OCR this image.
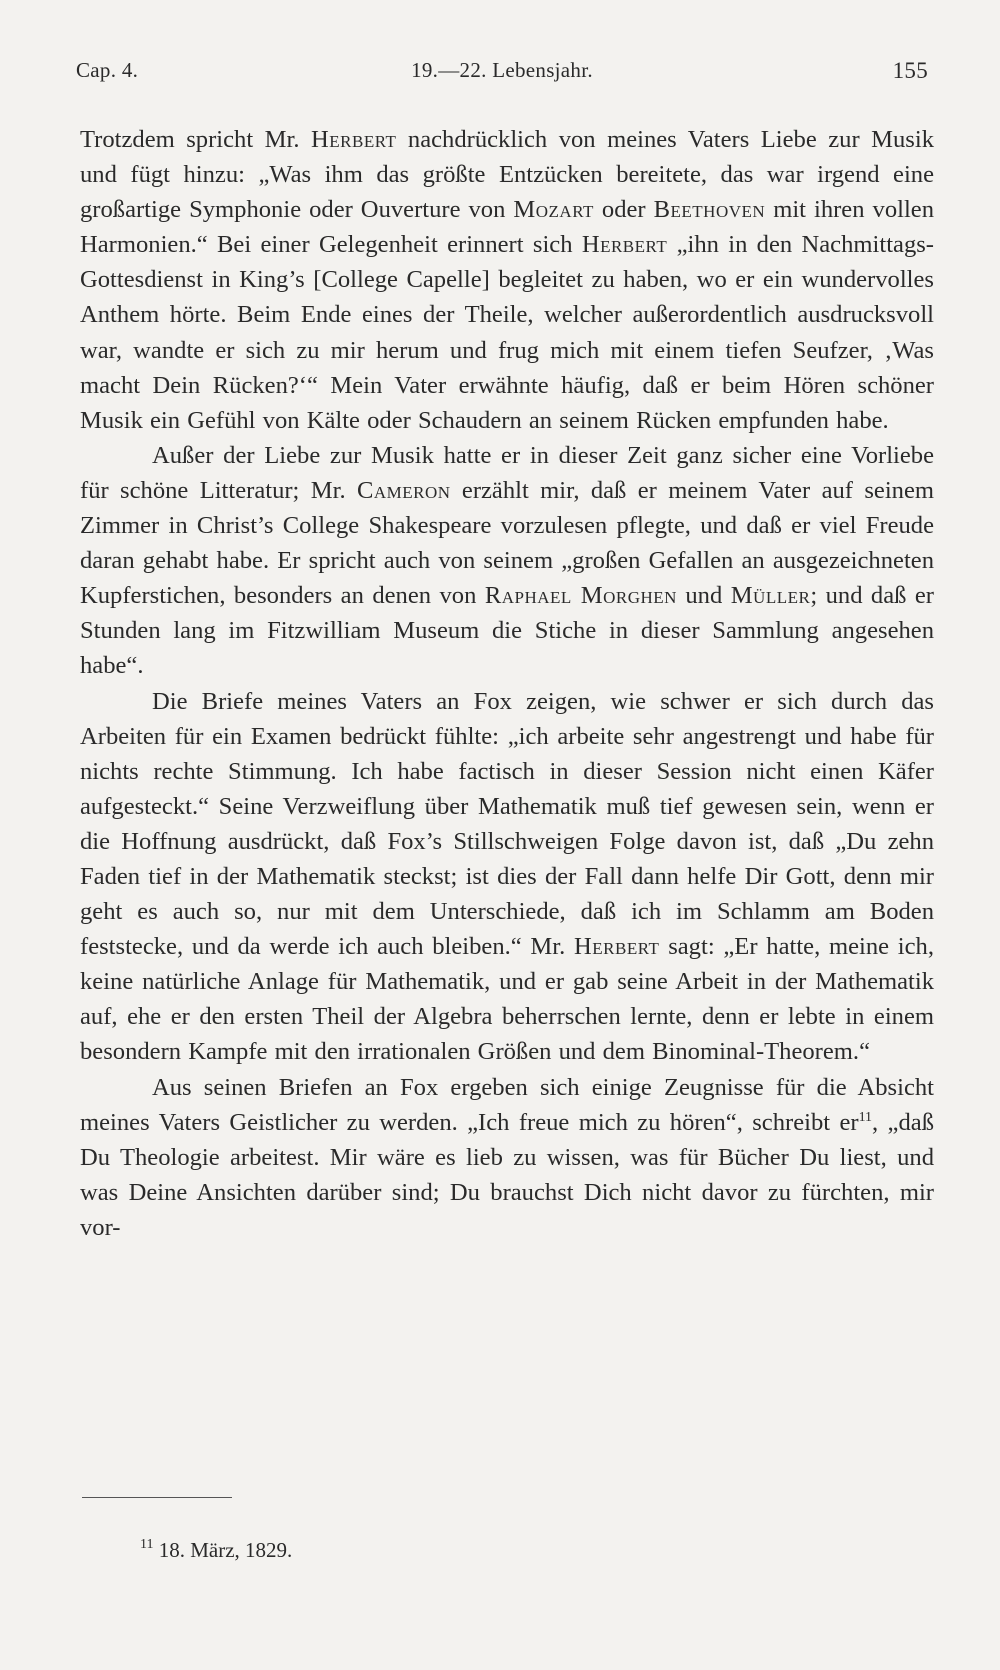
Cap. 4.	19.—22. Lebensjahr.	155

Trotzdem spricht Mr. Herbert nachdrücklich von meines Vaters Liebe zur Musik und fügt hinzu: „Was ihm das größte Entzücken bereitete, das war irgend eine großartige Symphonie oder Ouverture von Mozart oder Beethoven mit ihren vollen Harmonien.“ Bei einer Gelegenheit erinnert sich Herbert „ihn in den Nachmittags-Gottesdienst in King’s [College Capelle] begleitet zu haben, wo er ein wundervolles Anthem hörte. Beim Ende eines der Theile, welcher außerordentlich ausdrucksvoll war, wandte er sich zu mir herum und frug mich mit einem tiefen Seufzer, ‚Was macht Dein Rücken?‘“ Mein Vater erwähnte häufig, daß er beim Hören schöner Musik ein Gefühl von Kälte oder Schaudern an seinem Rücken empfunden habe.

Außer der Liebe zur Musik hatte er in dieser Zeit ganz sicher eine Vorliebe für schöne Litteratur; Mr. Cameron erzählt mir, daß er meinem Vater auf seinem Zimmer in Christ’s College Shakespeare vorzulesen pflegte, und daß er viel Freude daran gehabt habe. Er spricht auch von seinem „großen Gefallen an ausgezeichneten Kupferstichen, besonders an denen von Raphael Morghen und Müller; und daß er Stunden lang im Fitzwilliam Museum die Stiche in dieser Sammlung angesehen habe“.

Die Briefe meines Vaters an Fox zeigen, wie schwer er sich durch das Arbeiten für ein Examen bedrückt fühlte: „ich arbeite sehr angestrengt und habe für nichts rechte Stimmung. Ich habe factisch in dieser Session nicht einen Käfer aufgesteckt.“ Seine Verzweiflung über Mathematik muß tief gewesen sein, wenn er die Hoffnung ausdrückt, daß Fox’s Stillschweigen Folge davon ist, daß „Du zehn Faden tief in der Mathematik steckst; ist dies der Fall dann helfe Dir Gott, denn mir geht es auch so, nur mit dem Unterschiede, daß ich im Schlamm am Boden feststecke, und da werde ich auch bleiben.“ Mr. Herbert sagt: „Er hatte, meine ich, keine natürliche Anlage für Mathematik, und er gab seine Arbeit in der Mathematik auf, ehe er den ersten Theil der Algebra beherrschen lernte, denn er lebte in einem besondern Kampfe mit den irrationalen Größen und dem Binominal-Theorem.“

Aus seinen Briefen an Fox ergeben sich einige Zeugnisse für die Absicht meines Vaters Geistlicher zu werden. „Ich freue mich zu hören“, schreibt $er^{11}$, „daß Du Theologie arbeitest. Mir wäre es lieb zu wissen, was für Bücher Du liest, und was Deine Ansichten darüber sind; Du brauchst Dich nicht davor zu fürchten, mir vor-

$^{11}$ 18. März, 1829.
